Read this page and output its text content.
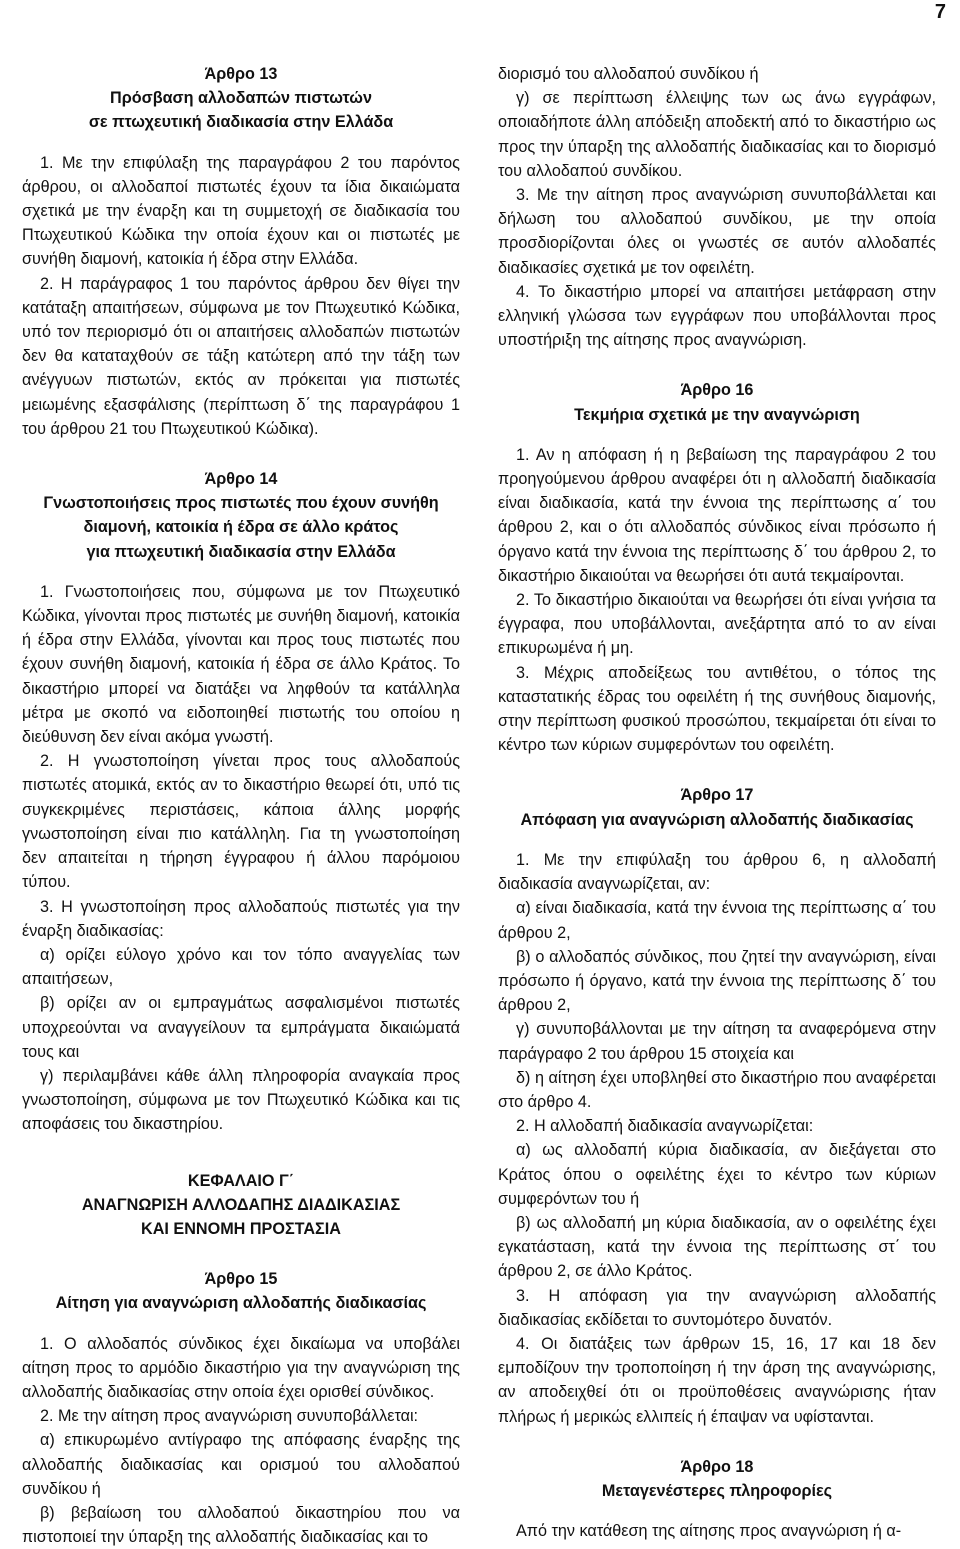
7

Άρθρο 13

Πρόσβαση αλλοδαπών πιστωτών

σε πτωχευτική διαδικασία στην Ελλάδα

1. Με την επιφύλαξη της παραγράφου 2 του παρόντος άρθρου, οι αλλοδαποί πιστωτές έχουν τα ίδια δικαιώματα σχετικά με την έναρξη και τη συμμετοχή σε διαδικασία του Πτωχευτικού Κώδικα την οποία έχουν και οι πιστωτές με συνήθη διαμονή, κατοικία ή έδρα στην Ελλάδα.

2. Η παράγραφος 1 του παρόντος άρθρου δεν θίγει την κατάταξη απαιτήσεων, σύμφωνα με τον Πτωχευτικό Κώδικα, υπό τον περιορισμό ότι οι απαιτήσεις αλλοδαπών πιστωτών δεν θα καταταχθούν σε τάξη κατώτερη από την τάξη των ανέγγυων πιστωτών, εκτός αν πρόκειται για πιστωτές μειωμένης εξασφάλισης (περίπτωση δ΄ της παραγράφου 1 του άρθρου 21 του Πτωχευτικού Κώδικα).

Άρθρο 14

Γνωστοποιήσεις προς πιστωτές που έχουν συνήθη

διαμονή, κατοικία ή έδρα σε άλλο κράτος

για πτωχευτική διαδικασία στην Ελλάδα

1. Γνωστοποιήσεις που, σύμφωνα με τον Πτωχευτικό Κώδικα, γίνονται προς πιστωτές με συνήθη διαμονή, κατοικία ή έδρα στην Ελλάδα, γίνονται και προς τους πιστωτές που έχουν συνήθη διαμονή, κατοικία ή έδρα σε άλλο Κράτος. Το δικαστήριο μπορεί να διατάξει να ληφθούν τα κατάλληλα μέτρα με σκοπό να ειδοποιηθεί πιστωτής του οποίου η διεύθυνση δεν είναι ακόμα γνωστή.

2. Η γνωστοποίηση γίνεται προς τους αλλοδαπούς πιστωτές ατομικά, εκτός αν το δικαστήριο θεωρεί ότι, υπό τις συγκεκριμένες περιστάσεις, κάποια άλλης μορφής γνωστοποίηση είναι πιο κατάλληλη. Για τη γνωστοποίηση δεν απαιτείται η τήρηση έγγραφου ή άλλου παρόμοιου τύπου.

3. Η γνωστοποίηση προς αλλοδαπούς πιστωτές για την έναρξη διαδικασίας:

α) ορίζει εύλογο χρόνο και τον τόπο αναγγελίας των απαιτήσεων,

β) ορίζει αν οι εμπραγμάτως ασφαλισμένοι πιστωτές υποχρεούνται να αναγγείλουν τα εμπράγματα δικαιώματά τους και

γ) περιλαμβάνει κάθε άλλη πληροφορία αναγκαία προς γνωστοποίηση, σύμφωνα με τον Πτωχευτικό Κώδικα και τις αποφάσεις του δικαστηρίου.

ΚΕΦΑΛΑΙΟ Γ΄

ΑΝΑΓΝΩΡΙΣΗ ΑΛΛΟΔΑΠΗΣ ΔΙΑΔΙΚΑΣΙΑΣ

ΚΑΙ ΕΝΝΟΜΗ ΠΡΟΣΤΑΣΙΑ

Άρθρο 15

Αίτηση για αναγνώριση αλλοδαπής διαδικασίας

1. Ο αλλοδαπός σύνδικος έχει δικαίωμα να υποβάλει αίτηση προς το αρμόδιο δικαστήριο για την αναγνώριση της αλλοδαπής διαδικασίας στην οποία έχει ορισθεί σύνδικος.

2. Με την αίτηση προς αναγνώριση συνυποβάλλεται:

α) επικυρωμένο αντίγραφο της απόφασης έναρξης της αλλοδαπής διαδικασίας και ορισμού του αλλοδαπού συνδίκου ή

β) βεβαίωση του αλλοδαπού δικαστηρίου που να πιστοποιεί την ύπαρξη της αλλοδαπής διαδικασίας και το

διορισμό του αλλοδαπού συνδίκου ή

γ) σε περίπτωση έλλειψης των ως άνω εγγράφων, οποιαδήποτε άλλη απόδειξη αποδεκτή από το δικαστήριο ως προς την ύπαρξη της αλλοδαπής διαδικασίας και το διορισμό του αλλοδαπού συνδίκου.

3. Με την αίτηση προς αναγνώριση συνυποβάλλεται και δήλωση του αλλοδαπού συνδίκου, με την οποία προσδιορίζονται όλες οι γνωστές σε αυτόν αλλοδαπές διαδικασίες σχετικά με τον οφειλέτη.

4. Το δικαστήριο μπορεί να απαιτήσει μετάφραση στην ελληνική γλώσσα των εγγράφων που υποβάλλονται προς υποστήριξη της αίτησης προς αναγνώριση.

Άρθρο 16

Τεκμήρια σχετικά με την αναγνώριση

1. Αν η απόφαση ή η βεβαίωση της παραγράφου 2 του προηγούμενου άρθρου αναφέρει ότι η αλλοδαπή διαδικασία είναι διαδικασία, κατά την έννοια της περίπτωσης α΄ του άρθρου 2, και ο ότι αλλοδαπός σύνδικος είναι πρόσωπο ή όργανο κατά την έννοια της περίπτωσης δ΄ του άρθρου 2, το δικαστήριο δικαιούται να θεωρήσει ότι αυτά τεκμαίρονται.

2. Το δικαστήριο δικαιούται να θεωρήσει ότι είναι γνήσια τα έγγραφα, που υποβάλλονται, ανεξάρτητα από το αν είναι επικυρωμένα ή μη.

3. Μέχρις αποδείξεως του αντιθέτου, ο τόπος της καταστατικής έδρας του οφειλέτη ή της συνήθους διαμονής, στην περίπτωση φυσικού προσώπου, τεκμαίρεται ότι είναι το κέντρο των κύριων συμφερόντων του οφειλέτη.

Άρθρο 17

Απόφαση για αναγνώριση αλλοδαπής διαδικασίας

1. Με την επιφύλαξη του άρθρου 6, η αλλοδαπή διαδικασία αναγνωρίζεται, αν:

α) είναι διαδικασία, κατά την έννοια της περίπτωσης α΄ του άρθρου 2,

β) ο αλλοδαπός σύνδικος, που ζητεί την αναγνώριση, είναι πρόσωπο ή όργανο, κατά την έννοια της περίπτωσης δ΄ του άρθρου 2,

γ) συνυποβάλλονται με την αίτηση τα αναφερόμενα στην παράγραφο 2 του άρθρου 15 στοιχεία και

δ) η αίτηση έχει υποβληθεί στο δικαστήριο που αναφέρεται στο άρθρο 4.

2. Η αλλοδαπή διαδικασία αναγνωρίζεται:

α) ως αλλοδαπή κύρια διαδικασία, αν διεξάγεται στο Κράτος όπου ο οφειλέτης έχει το κέντρο των κύριων συμφερόντων του ή

β) ως αλλοδαπή μη κύρια διαδικασία, αν ο οφειλέτης έχει εγκατάσταση, κατά την έννοια της περίπτωσης στ΄ του άρθρου 2, σε άλλο Κράτος.

3. Η απόφαση για την αναγνώριση αλλοδαπής διαδικασίας εκδίδεται το συντομότερο δυνατόν.

4. Οι διατάξεις των άρθρων 15, 16, 17 και 18 δεν εμποδίζουν την τροποποίηση ή την άρση της αναγνώρισης, αν αποδειχθεί ότι οι προϋποθέσεις αναγνώρισης ήταν πλήρως ή μερικώς ελλιπείς ή έπαψαν να υφίστανται.

Άρθρο 18

Μεταγενέστερες πληροφορίες

Από την κατάθεση της αίτησης προς αναγνώριση ή α-
